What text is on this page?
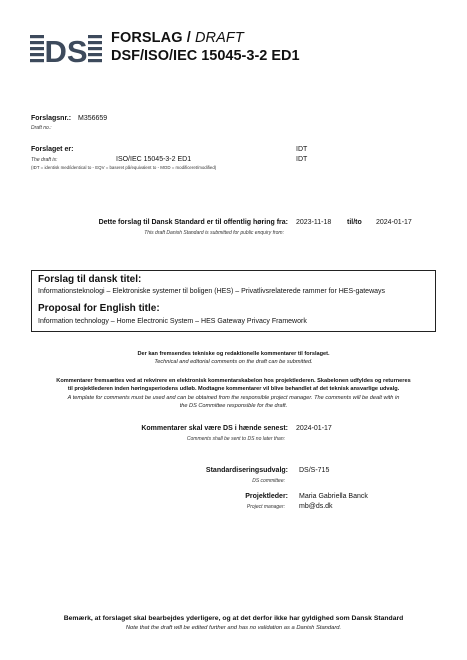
DS FORSLAG / DRAFT
DSF/ISO/IEC 15045-3-2 ED1
Forslagsnr.: M356659
Draft no.:
Forslaget er:	IDT
The draft is:	ISO/IEC 15045-3-2 ED1	IDT
(IDT = identisk med/identical to - EQV = baseret på/equivalent to - MOD = modificeret/modified)
Dette forslag til Dansk Standard er til offentlig høring fra:
This draft Danish Standard is submitted for public enquiry from:
2023-11-18 til/to 2024-01-17
Forslag til dansk titel:
Informationsteknologi – Elektroniske systemer til boligen (HES) – Privatlivsrelaterede rammer for HES-gateways
Proposal for English title:
Information technology – Home Electronic System – HES Gateway Privacy Framework
Der kan fremsendes tekniske og redaktionelle kommentarer til forslaget.
Technical and editorial comments on the draft can be submitted.
Kommentarer fremsættes ved at rekvirere en elektronisk kommentarskabelon hos projektlederen. Skabelonen udfyldes og returneres
til projektlederen inden høringsperiodens udløb. Modtagne kommentarer vil blive behandlet af det teknisk ansvarlige udvalg.
A template for comments must be used and can be obtained from the responsible project manager. The comments will be dealt with in
the DS Committee responsible for the draft.
Kommentarer skal være DS i hænde senest:
Comments shall be sent to DS no later than:
2024-01-17
Standardiseringsudvalg:
DS committee:
DS/S-715
Projektleder:
Project manager:
Maria Gabriella Banck
mb@ds.dk
Bemærk, at forslaget skal bearbejdes yderligere, og at det derfor ikke har gyldighed som Dansk Standard
Note that the draft will be edited further and has no validation as a Danish Standard.
